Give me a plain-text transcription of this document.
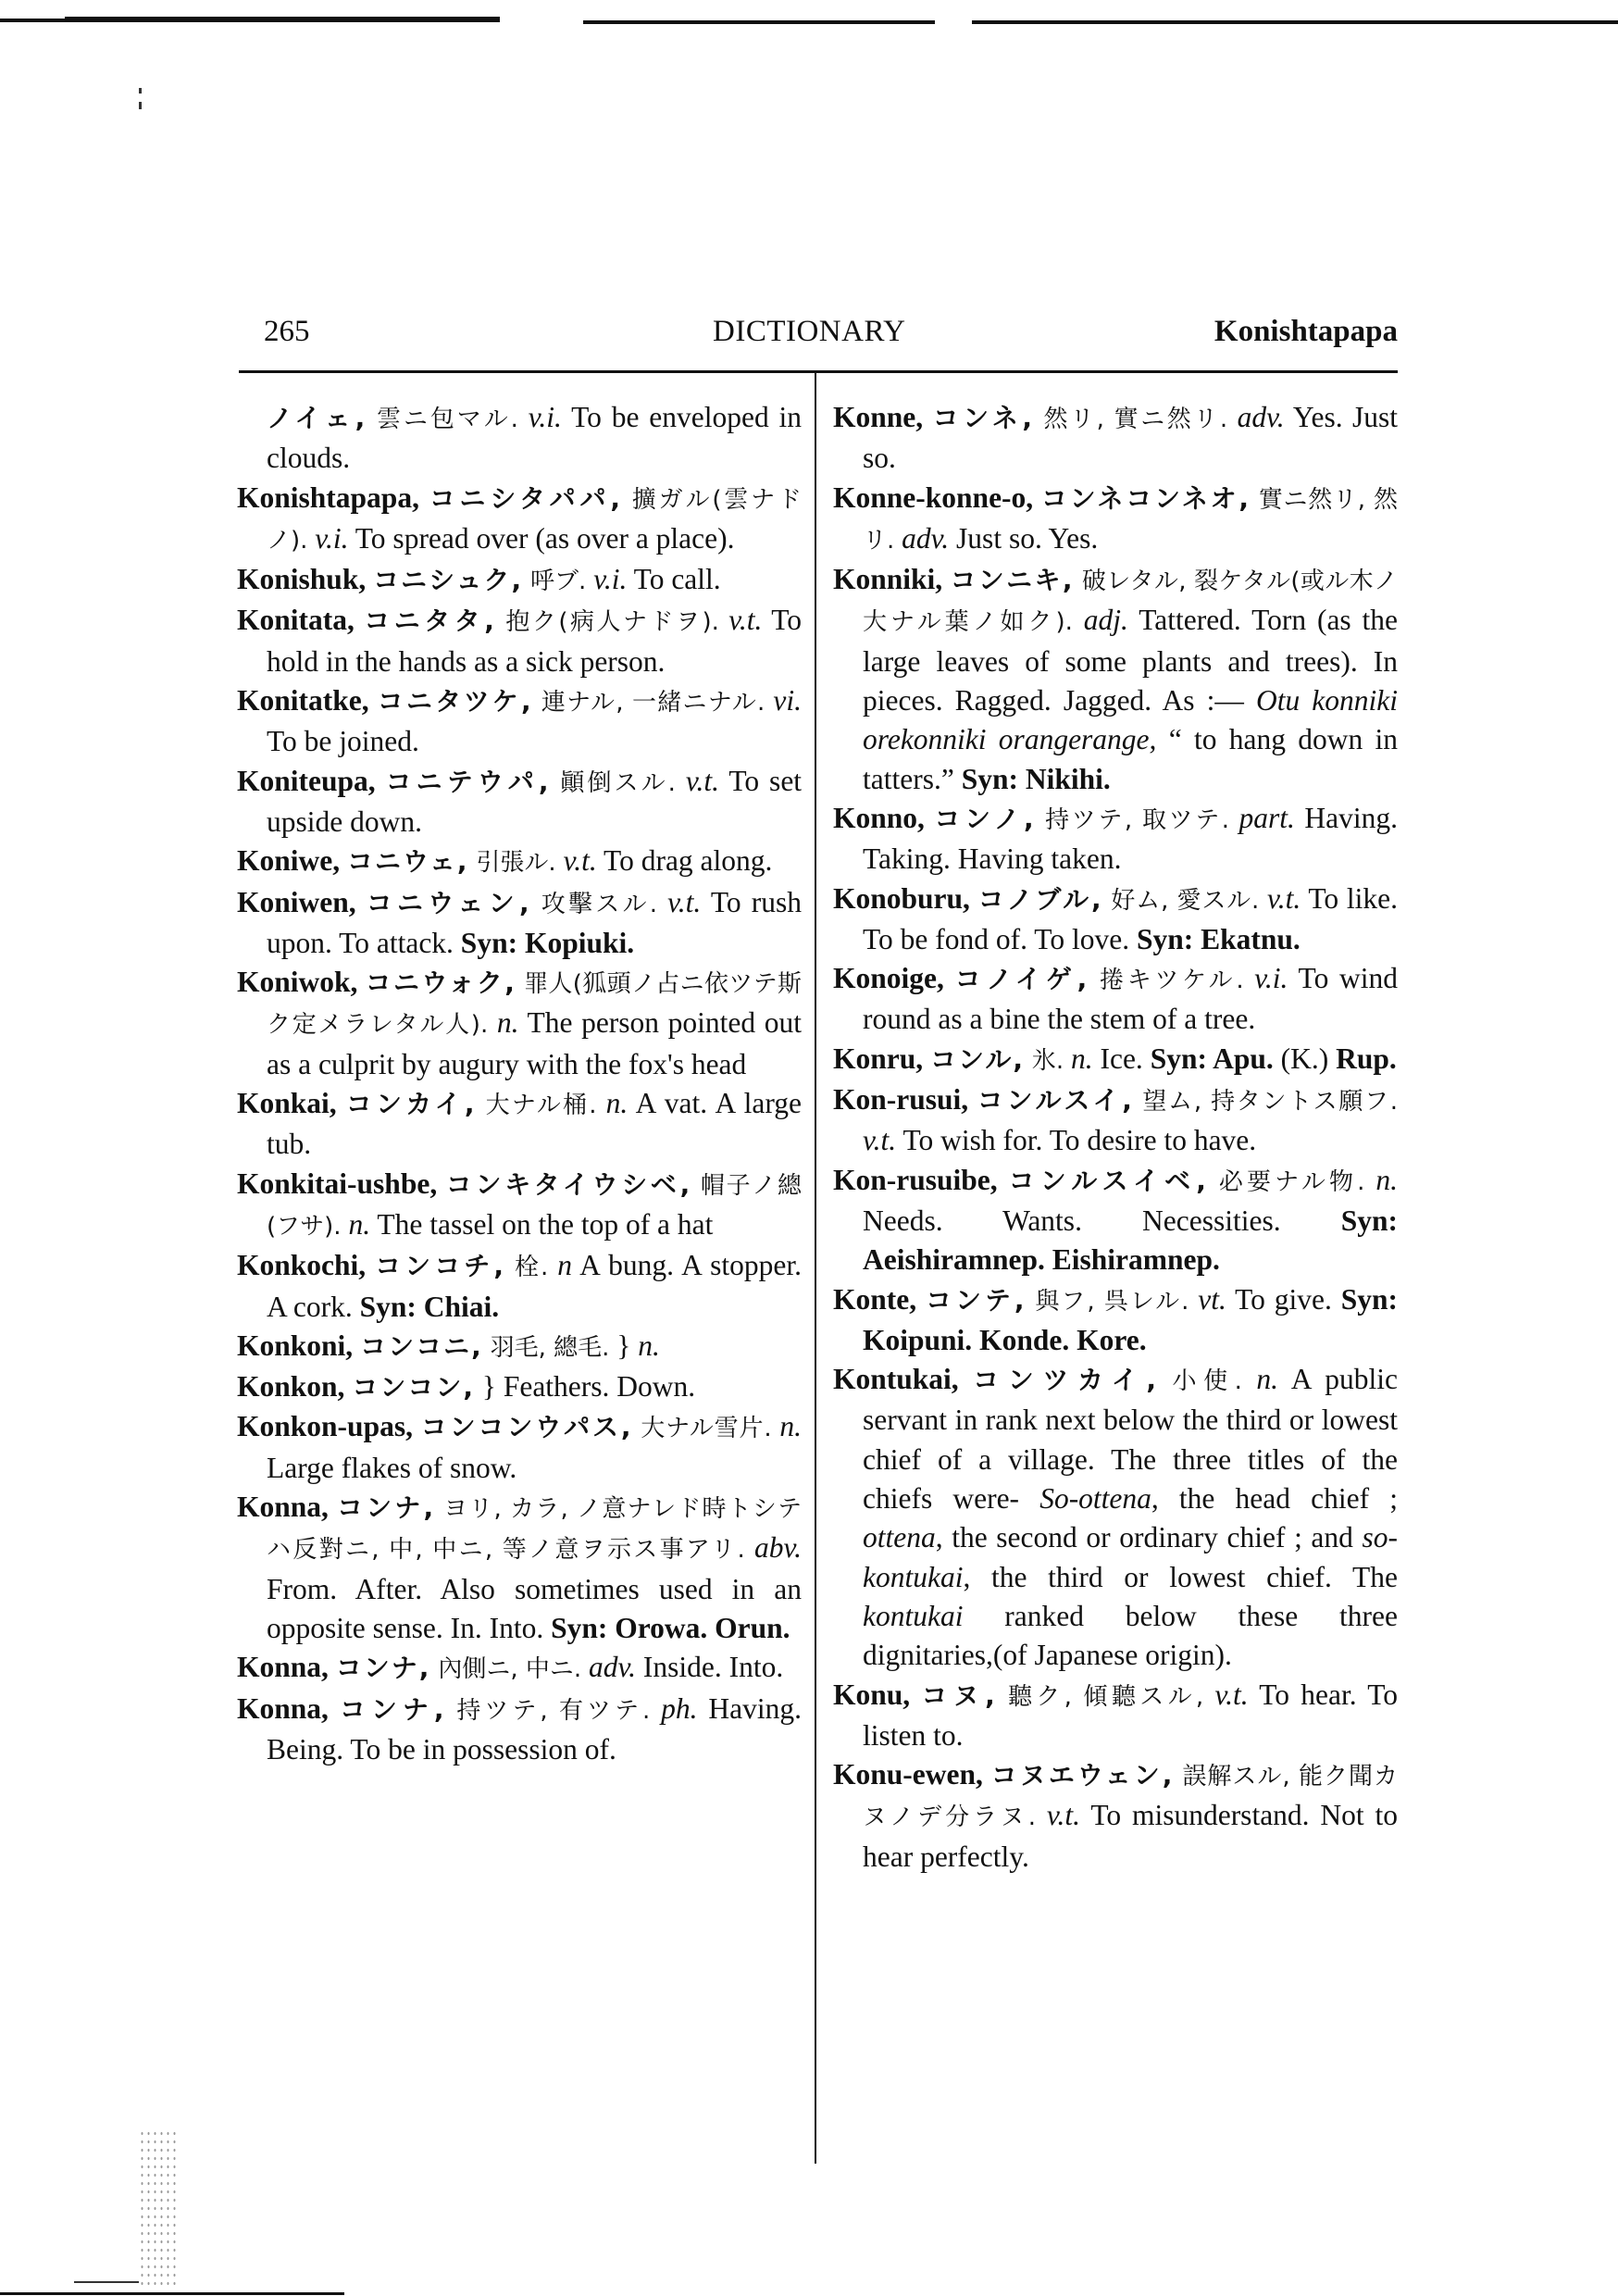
265	DICTIONARY	Konishtapapa
ノイェ, 雲ニ包マル. v.i. To be enveloped in clouds.
Konishtapapa, コニシタパパ, 擴ガル(雲ナドノ). v.i. To spread over (as over a place).
Konishuk, コニシュク, 呼ブ. v.i. To call.
Konitata, コニタタ, 抱ク(病人ナドヲ). v.t. To hold in the hands as a sick person.
Konitatke, コニタツケ, 連ナル, 一緒ニナル. vi. To be joined.
Koniteupa, コニテウパ, 顚倒スル. v.t. To set upside down.
Koniwe, コニウェ, 引張ル. v.t. To drag along.
Koniwen, コニウェン, 攻擊スル. v.t. To rush upon. To attack. Syn: Kopiuki.
Koniwok, コニウォク, 罪人(狐頭ノ占ニ依ツテ斯ク定メラレタル人). n. The person pointed out as a culprit by augury with the fox's head
Konkai, コンカイ, 大ナル桶. n. A vat. A large tub.
Konkitai-ushbe, コンキタイウシベ, 帽子ノ總(フサ). n. The tassel on the top of a hat
Konkochi, コンコチ, 栓. n A bung. A stopper. A cork. Syn: Chiai.
Konkoni, コンコニ, 羽毛, 總毛. } n.
Konkon, コンコン, } Feathers. Down.
Konkon-upas, コンコンウパス, 大ナル雪片. n. Large flakes of snow.
Konna, コンナ, ヨリ, カラ, ノ意ナレド時トシテハ反對ニ, 中, 中ニ, 等ノ意ヲ示ス事アリ. abv. From. After. Also sometimes used in an opposite sense. In. Into. Syn: Orowa. Orun.
Konna, コンナ, 內側ニ, 中ニ. adv. Inside. Into.
Konna, コンナ, 持ツテ, 有ツテ. ph. Having. Being. To be in possession of.
Konne, コンネ, 然リ, 實ニ然リ. adv. Yes. Just so.
Konne-konne-o, コンネコンネオ, 實ニ然リ, 然リ. adv. Just so. Yes.
Konniki, コンニキ, 破レタル, 裂ケタル(或ル木ノ大ナル葉ノ如ク). adj. Tattered. Torn (as the large leaves of some plants and trees). In pieces. Ragged. Jagged. As :— Otu konniki orekonniki orangerange, “ to hang down in tatters.” Syn: Nikihi.
Konno, コンノ, 持ツテ, 取ツテ. part. Having. Taking. Having taken.
Konoburu, コノブル, 好ム, 愛スル. v.t. To like. To be fond of. To love. Syn: Ekatnu.
Konoige, コノイゲ, 捲キツケル. v.i. To wind round as a bine the stem of a tree.
Konru, コンル, 氷. n. Ice. Syn: Apu. (K.) Rup.
Kon-rusui, コンルスイ, 望ム, 持タントス願フ. v.t. To wish for. To desire to have.
Kon-rusuibe, コンルスイベ, 必要ナル物. n. Needs. Wants. Necessities. Syn: Aeishiramnep. Eishiramnep.
Konte, コンテ, 與フ, 呉レル. vt. To give. Syn: Koipuni. Konde. Kore.
Kontukai, コンツカイ, 小使. n. A public servant in rank next below the third or lowest chief of a village. The three titles of the chiefs were- So-ottena, the head chief ; ottena, the second or ordinary chief ; and so-kontukai, the third or lowest chief. The kontukai ranked below these three dignitaries,(of Japanese origin).
Konu, コヌ, 聽ク, 傾聽スル, v.t. To hear. To listen to.
Konu-ewen, コヌエウェン, 誤解スル, 能ク聞カヌノデ分ラヌ. v.t. To misunderstand. Not to hear perfectly.
